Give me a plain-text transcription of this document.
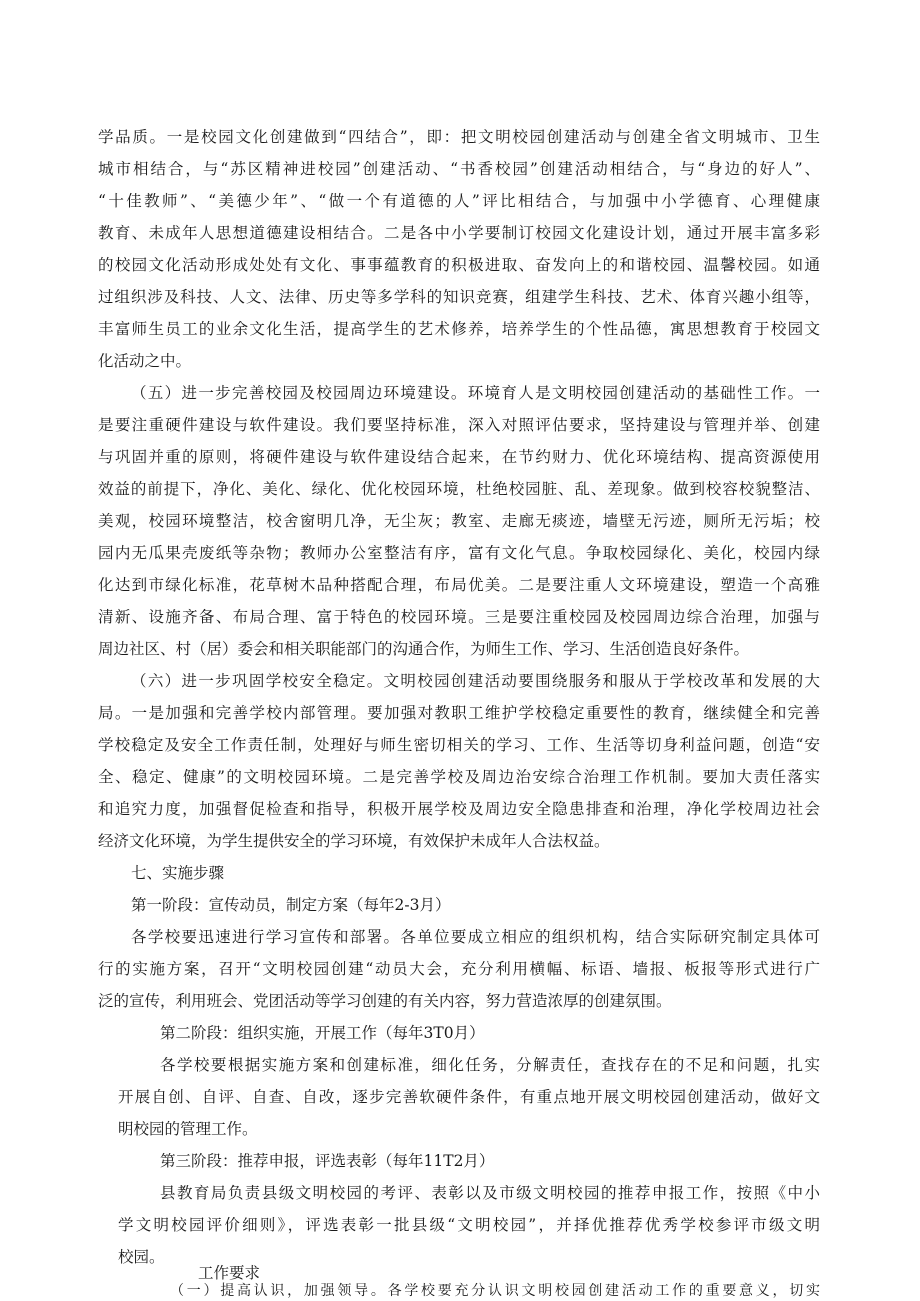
学品质。一是校园文化创建做到“四结合”，即：把文明校园创建活动与创建全省文明城市、卫生
城市相结合，与“苏区精神进校园”创建活动、“书香校园”创建活动相结合，与“身边的好人”、
“十佳教师”、“美德少年”、“做一个有道德的人”评比相结合，与加强中小学德育、心理健康
教育、未成年人思想道德建设相结合。二是各中小学要制订校园文化建设计划，通过开展丰富多彩
的校园文化活动形成处处有文化、事事蕴教育的积极进取、奋发向上的和谐校园、温馨校园。如通
过组织涉及科技、人文、法律、历史等多学科的知识竞赛，组建学生科技、艺术、体育兴趣小组等，
丰富师生员工的业余文化生活，提高学生的艺术修养，培养学生的个性品德，寓思想教育于校园文
化活动之中。
（五）进一步完善校园及校园周边环境建设。环境育人是文明校园创建活动的基础性工作。一
是要注重硬件建设与软件建设。我们要坚持标准，深入对照评估要求，坚持建设与管理并举、创建
与巩固并重的原则，将硬件建设与软件建设结合起来，在节约财力、优化环境结构、提高资源使用
效益的前提下，净化、美化、绿化、优化校园环境，杜绝校园脏、乱、差现象。做到校容校貌整洁、
美观，校园环境整洁，校舍窗明几净，无尘灰；教室、走廊无痰迹，墙壁无污迹，厕所无污垢；校
园内无瓜果壳废纸等杂物；教师办公室整洁有序，富有文化气息。争取校园绿化、美化，校园内绿
化达到市绿化标准，花草树木品种搭配合理，布局优美。二是要注重人文环境建设，塑造一个高雅
清新、设施齐备、布局合理、富于特色的校园环境。三是要注重校园及校园周边综合治理，加强与
周边社区、村（居）委会和相关职能部门的沟通合作，为师生工作、学习、生活创造良好条件。
（六）进一步巩固学校安全稳定。文明校园创建活动要围绕服务和服从于学校改革和发展的大
局。一是加强和完善学校内部管理。要加强对教职工维护学校稳定重要性的教育，继续健全和完善
学校稳定及安全工作责任制，处理好与师生密切相关的学习、工作、生活等切身利益问题，创造“安
全、稳定、健康”的文明校园环境。二是完善学校及周边治安综合治理工作机制。要加大责任落实
和追究力度，加强督促检查和指导，积极开展学校及周边安全隐患排查和治理，净化学校周边社会
经济文化环境，为学生提供安全的学习环境，有效保护未成年人合法权益。
七、实施步骤
第一阶段：宣传动员，制定方案（每年2-3月）
各学校要迅速进行学习宣传和部署。各单位要成立相应的组织机构，结合实际研究制定具体可
行的实施方案，召开“文明校园创建“动员大会，充分利用横幅、标语、墙报、板报等形式进行广
泛的宣传，利用班会、党团活动等学习创建的有关内容，努力营造浓厚的创建氛围。
第二阶段：组织实施，开展工作（每年3T0月）
各学校要根据实施方案和创建标准，细化任务，分解责任，查找存在的不足和问题，扎实
开展自创、自评、自查、自改，逐步完善软硬件条件，有重点地开展文明校园创建活动，做好文
明校园的管理工作。
第三阶段：推荐申报，评选表彰（每年11T2月）
县教育局负责县级文明校园的考评、表彰以及市级文明校园的推荐申报工作，按照《中小
学文明校园评价细则》，评选表彰一批县级“文明校园”，并择优推荐优秀学校参评市级文明
校园。
工作要求
（一）提高认识，加强领导。各学校要充分认识文明校园创建活动工作的重要意义，切实
